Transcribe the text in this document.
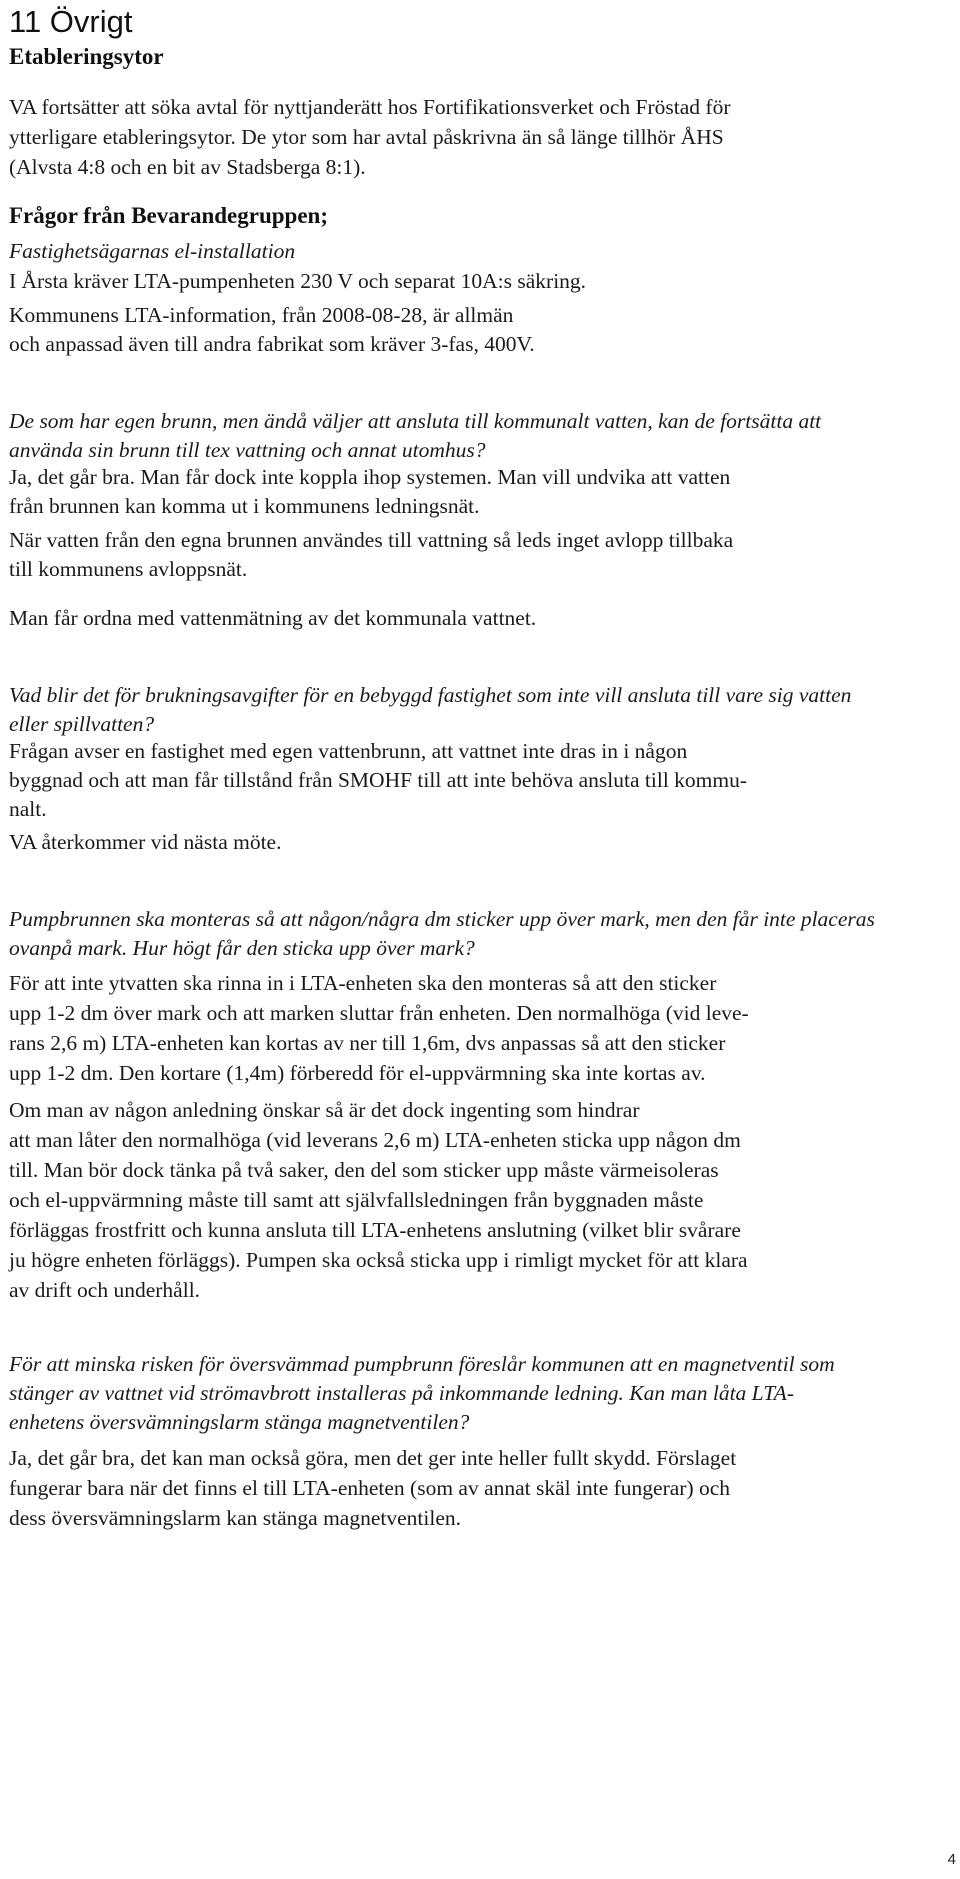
11 Övrigt
Etableringsytor
VA fortsätter att söka avtal för nyttjanderätt hos Fortifikationsverket och Fröstad för
ytterligare etableringsytor. De ytor som har avtal påskrivna än så länge tillhör ÅHS
(Alvsta 4:8 och en bit av Stadsberga 8:1).
Frågor från Bevarandegruppen;
Fastighetsägarnas el-installation
I Årsta kräver LTA-pumpenheten 230 V och separat 10A:s säkring.
Kommunens LTA-information, från 2008-08-28, är allmän
och anpassad även till andra fabrikat som kräver 3-fas, 400V.
De som har egen brunn, men ändå väljer att ansluta till kommunalt vatten, kan de fortsätta att
använda sin brunn till tex vattning och annat utomhus?
Ja, det går bra. Man får dock inte koppla ihop systemen. Man vill undvika att vatten
från brunnen kan komma ut i kommunens ledningsnät.
När vatten från den egna brunnen användes till vattning så leds inget avlopp tillbaka
till kommunens avloppsnät.
Man får ordna med vattenmätning av det kommunala vattnet.
Vad blir det för brukningsavgifter för en bebyggd fastighet som inte vill ansluta till vare sig vatten
eller spillvatten?
Frågan avser en fastighet med egen vattenbrunn, att vattnet inte dras in i någon
byggnad och att man får tillstånd från SMOHF till att inte behöva ansluta till kommu-
nalt.
VA återkommer vid nästa möte.
Pumpbrunnen ska monteras så att någon/några dm sticker upp över mark, men den får inte placeras
ovanpå mark. Hur högt får den sticka upp över mark?
För att inte ytvatten ska rinna in i LTA-enheten ska den monteras så att den sticker
upp 1-2 dm över mark och att marken sluttar från enheten. Den normalhöga (vid leve-
rans 2,6 m) LTA-enheten kan kortas av ner till 1,6m, dvs anpassas så att den sticker
upp 1-2 dm. Den kortare (1,4m) förberedd för el-uppvärmning ska inte kortas av.
Om man av någon anledning önskar så är det dock ingenting som hindrar
att man låter den normalhöga (vid leverans 2,6 m) LTA-enheten sticka upp någon dm
till. Man bör dock tänka på två saker, den del som sticker upp måste värmeisoleras
och el-uppvärmning måste till samt att självfallsledningen från byggnaden måste
förläggas frostfritt och kunna ansluta till LTA-enhetens anslutning (vilket blir svårare
ju högre enheten förläggs). Pumpen ska också sticka upp i rimligt mycket för att klara
av drift och underhåll.
För att minska risken för översvämmad pumpbrunn föreslår kommunen att en magnetventil som
stänger av vattnet vid strömavbrott installeras på inkommande ledning. Kan man låta LTA-
enhetens översvämningslarm stänga magnetventilen?
Ja, det går bra, det kan man också göra, men det ger inte heller fullt skydd. Förslaget
fungerar bara när det finns el till LTA-enheten (som av annat skäl inte fungerar) och
dess översvämningslarm kan stänga magnetventilen.
4
